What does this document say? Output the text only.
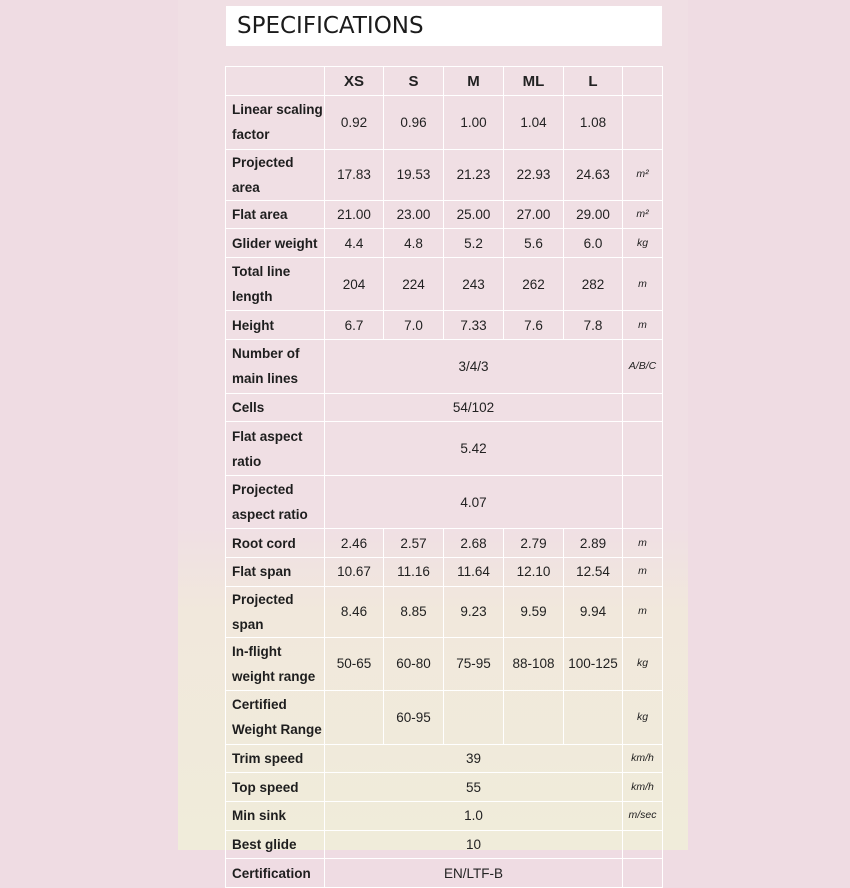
SPECIFICATIONS
	XS	S	M	ML	L	
Linear scaling factor	0.92	0.96	1.00	1.04	1.08	
Projected area	17.83	19.53	21.23	22.93	24.63	m²
Flat area	21.00	23.00	25.00	27.00	29.00	m²
Glider weight	4.4	4.8	5.2	5.6	6.0	kg
Total line length	204	224	243	262	282	m
Height	6.7	7.0	7.33	7.6	7.8	m
Number of main lines	3/4/3					A/B/C
Cells	54/102					
Flat aspect ratio	5.42					
Projected aspect ratio	4.07					
Root cord	2.46	2.57	2.68	2.79	2.89	m
Flat span	10.67	11.16	11.64	12.10	12.54	m
Projected span	8.46	8.85	9.23	9.59	9.94	m
In-flight weight range	50-65	60-80	75-95	88-108	100-125	kg
Certified Weight Range		60-95				kg
Trim speed	39					km/h
Top speed	55					km/h
Min sink	1.0					m/sec
Best glide	10					
Certification	EN/LTF-B					
